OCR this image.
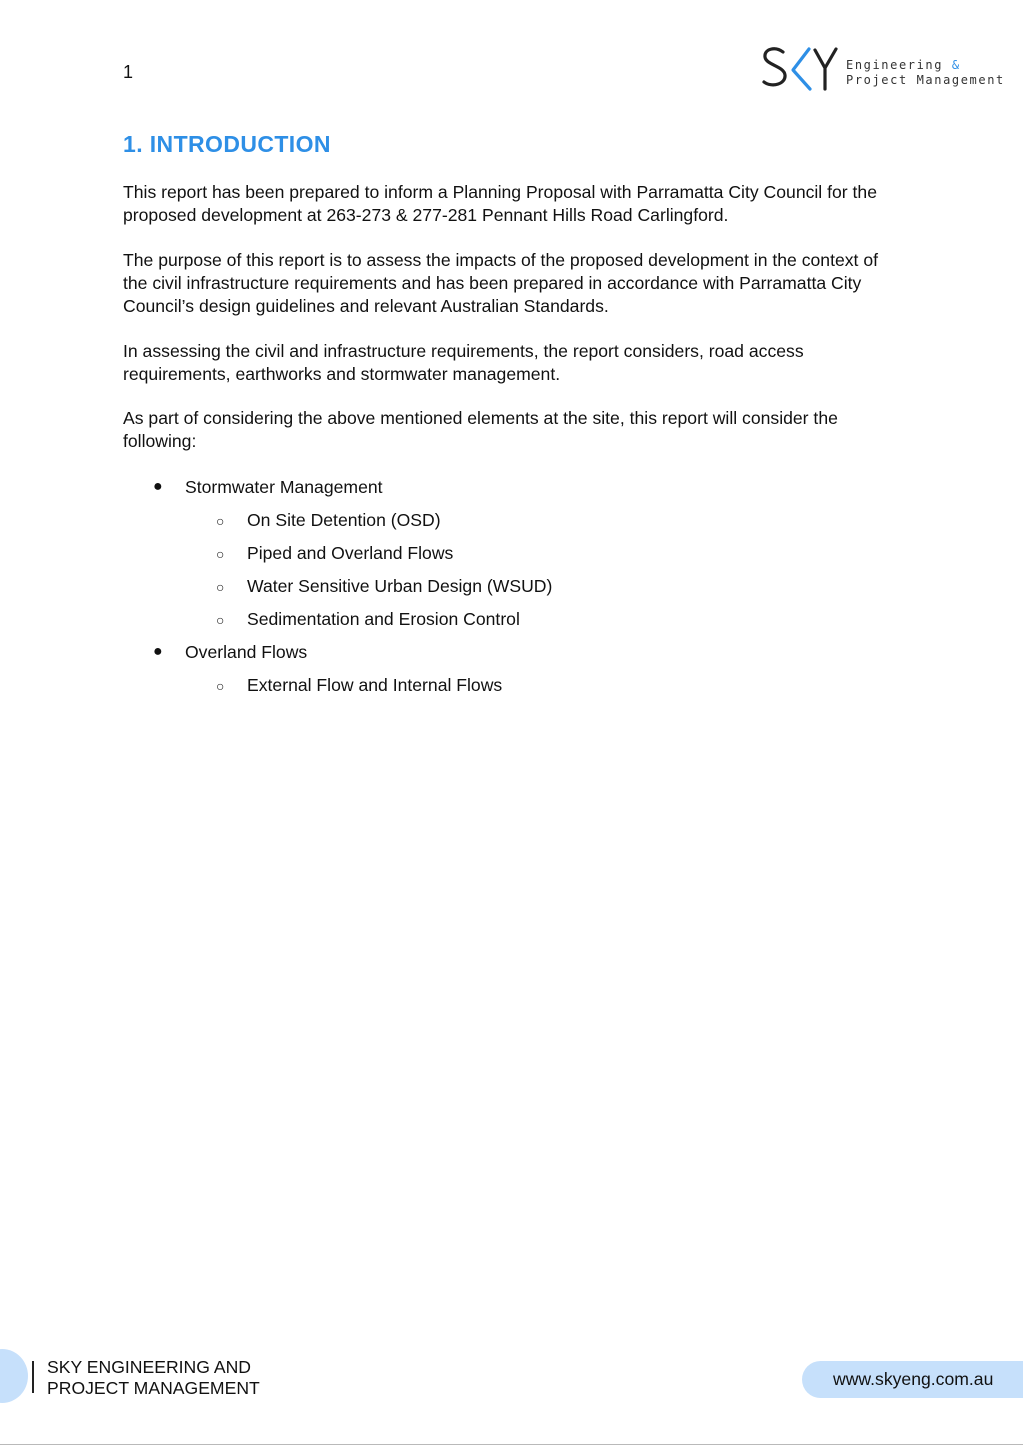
1	Engineering &
Project Management
1. INTRODUCTION

This report has been prepared to inform a Planning Proposal with Parramatta City Council for the proposed development at 263-273 & 277-281 Pennant Hills Road Carlingford.

The purpose of this report is to assess the impacts of the proposed development in the context of the civil infrastructure requirements and has been prepared in accordance with Parramatta City Council’s design guidelines and relevant Australian Standards.

In assessing the civil and infrastructure requirements, the report considers, road access requirements, earthworks and stormwater management.

As part of considering the above mentioned elements at the site, this report will consider the following:

● Stormwater Management
○ On Site Detention (OSD)
○ Piped and Overland Flows
○ Water Sensitive Urban Design (WSUD)
○ Sedimentation and Erosion Control
● Overland Flows
○ External Flow and Internal Flows
SKY ENGINEERING AND
PROJECT MANAGEMENT	www.skyeng.com.au
